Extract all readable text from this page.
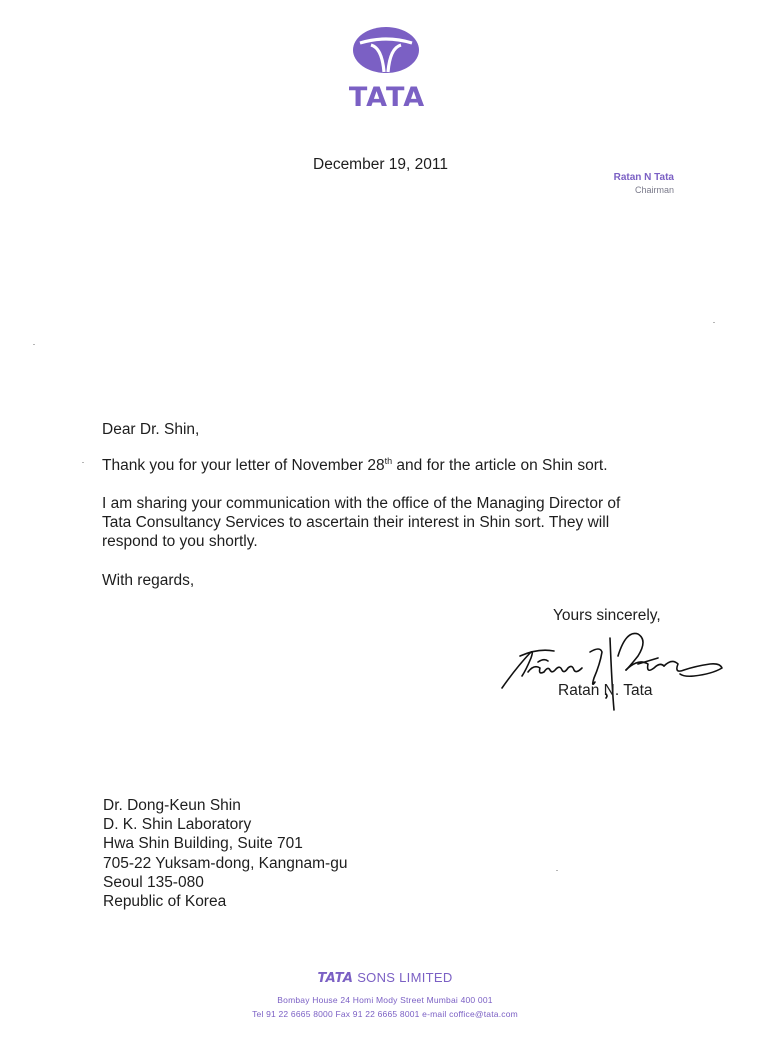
TATA
December 19, 2011
Ratan N Tata
Chairman
Dear Dr. Shin,
Thank you for your letter of November 28th and for the article on Shin sort.
I am sharing your communication with the office of the Managing Director of
Tata Consultancy Services to ascertain their interest in Shin sort. They will
respond to you shortly.
With regards,
Yours sincerely,
Ratan N. Tata
Dr. Dong-Keun Shin
D. K. Shin Laboratory
Hwa Shin Building, Suite 701
705-22 Yuksam-dong, Kangnam-gu
Seoul 135-080
Republic of Korea
TATA SONS LIMITED
Bombay House 24 Homi Mody Street Mumbai 400 001
Tel 91 22 6665 8000 Fax 91 22 6665 8001 e-mail coffice@tata.com
